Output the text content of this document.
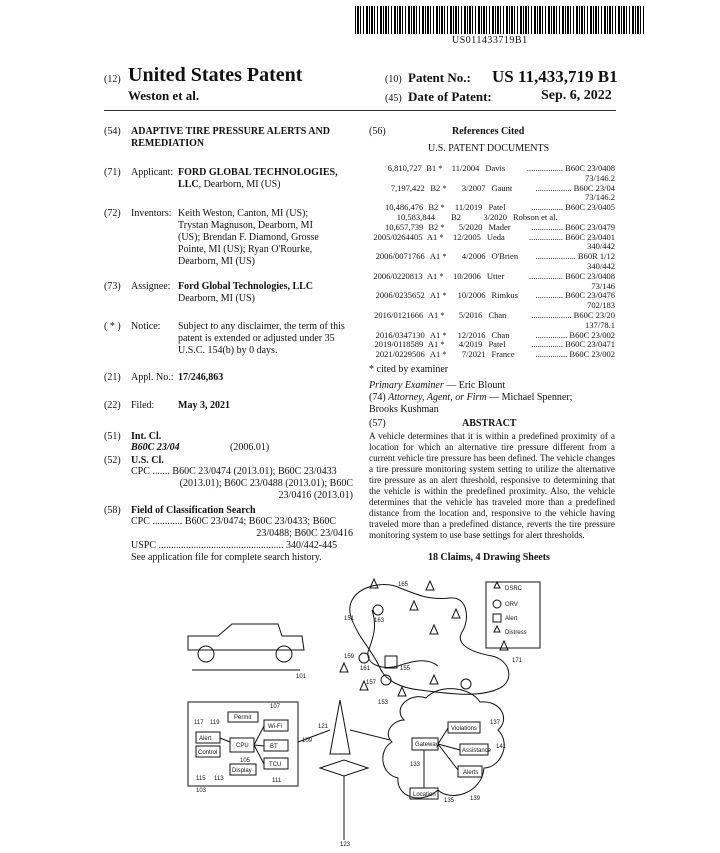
US011433719B1
(12) United States Patent
Weston et al.
(10) Patent No.: US 11,433,719 B1
(45) Date of Patent:	Sep. 6, 2022
(54) ADAPTIVE TIRE PRESSURE ALERTS AND REMEDIATION
(71) Applicant: FORD GLOBAL TECHNOLOGIES, LLC, Dearborn, MI (US)
(72) Inventors: Keith Weston, Canton, MI (US);
Trystan Magnuson, Dearborn, MI
(US); Brendan F. Diamond, Grosse
Pointe, MI (US); Ryan O'Rourke,
Dearborn, MI (US)
(73) Assignee: Ford Global Technologies, LLC
Dearborn, MI (US)
( * ) Notice: Subject to any disclaimer, the term of this
patent is extended or adjusted under 35
U.S.C. 154(b) by 0 days.
(21) Appl. No.: 17/246,863
(22) Filed: May 3, 2021
(51) Int. Cl.
B60C 23/04	(2006.01)
(52) U.S. Cl.
CPC ....... B60C 23/0474 (2013.01); B60C 23/0433
(2013.01); B60C 23/0488 (2013.01); B60C
23/0416 (2013.01)
(58) Field of Classification Search
CPC ............ B60C 23/0474; B60C 23/0433; B60C
23/0488; B60C 23/0416
USPC .................................................. 340/442-445
See application file for complete search history.
(56)	References Cited
U.S. PATENT DOCUMENTS
6,810,727 B1 *	11/2004 Davis	................. B60C 23/0408
73/146.2
7,197,422 B2 *	3/2007 Gaunt	................. B60C 23/04
73/146.2
10,486,476 B2 *	11/2019 Patel	............... B60C 23/0405
10,583,844	B2	3/2020 Robson et al.
10,657,739 B2 *	5/2020 Mader	............... B60C 23/0479
2005/0264405 A1 *	12/2005 Ueda	................ B60C 23/0401
340/442
2006/0071766 A1 *	4/2006 O'Brien	................... B60R 1/12
340/442
2006/0220813 A1 *	10/2006 Utter	................ B60C 23/0408
73/146
2006/0235652 A1 *	10/2006 Rimkus	............. B60C 23/0476
702/183
2016/0121666 A1 *	5/2016 Chan	................... B60C 23/20
137/78.1
2016/0347130 A1 *	12/2016 Chan	............... B60C 23/002
2019/0118589 A1 *	4/2019 Patel	............... B60C 23/0471
2021/0229506 A1 *	7/2021 France	............... B60C 23/002
* cited by examiner
Primary Examiner — Eric Blount
(74) Attorney, Agent, or Firm — Michael Spenner;
Brooks Kushman
(57)	ABSTRACT
A vehicle determines that it is within a predefined proximity of a location for which an alternative tire pressure different from a current vehicle tire pressure has been defined. The vehicle changes a tire pressure monitoring system setting to utilize the alternative tire pressure as an alert threshold, responsive to determining that the vehicle is within the predefined proximity. Also, the vehicle determines that the vehicle has traveled more than a predefined distance from the location and, responsive to the vehicle having traveled more than a predefined distance, reverts the tire pressure monitoring system to use base settings for alert thresholds.
18 Claims, 4 Drawing Sheets
DSRC
ORV
Alert
Distress
171
151	163
165
159
161	155
157
153
101
107
117 119
Permit
Alert
Control
CPU
Display
Wi-Fi
BT
TCU
115 113
103
105
109
111
121
123
133
137
141
135	139
Gateway
Violations
Assistance
Alerts
Location
